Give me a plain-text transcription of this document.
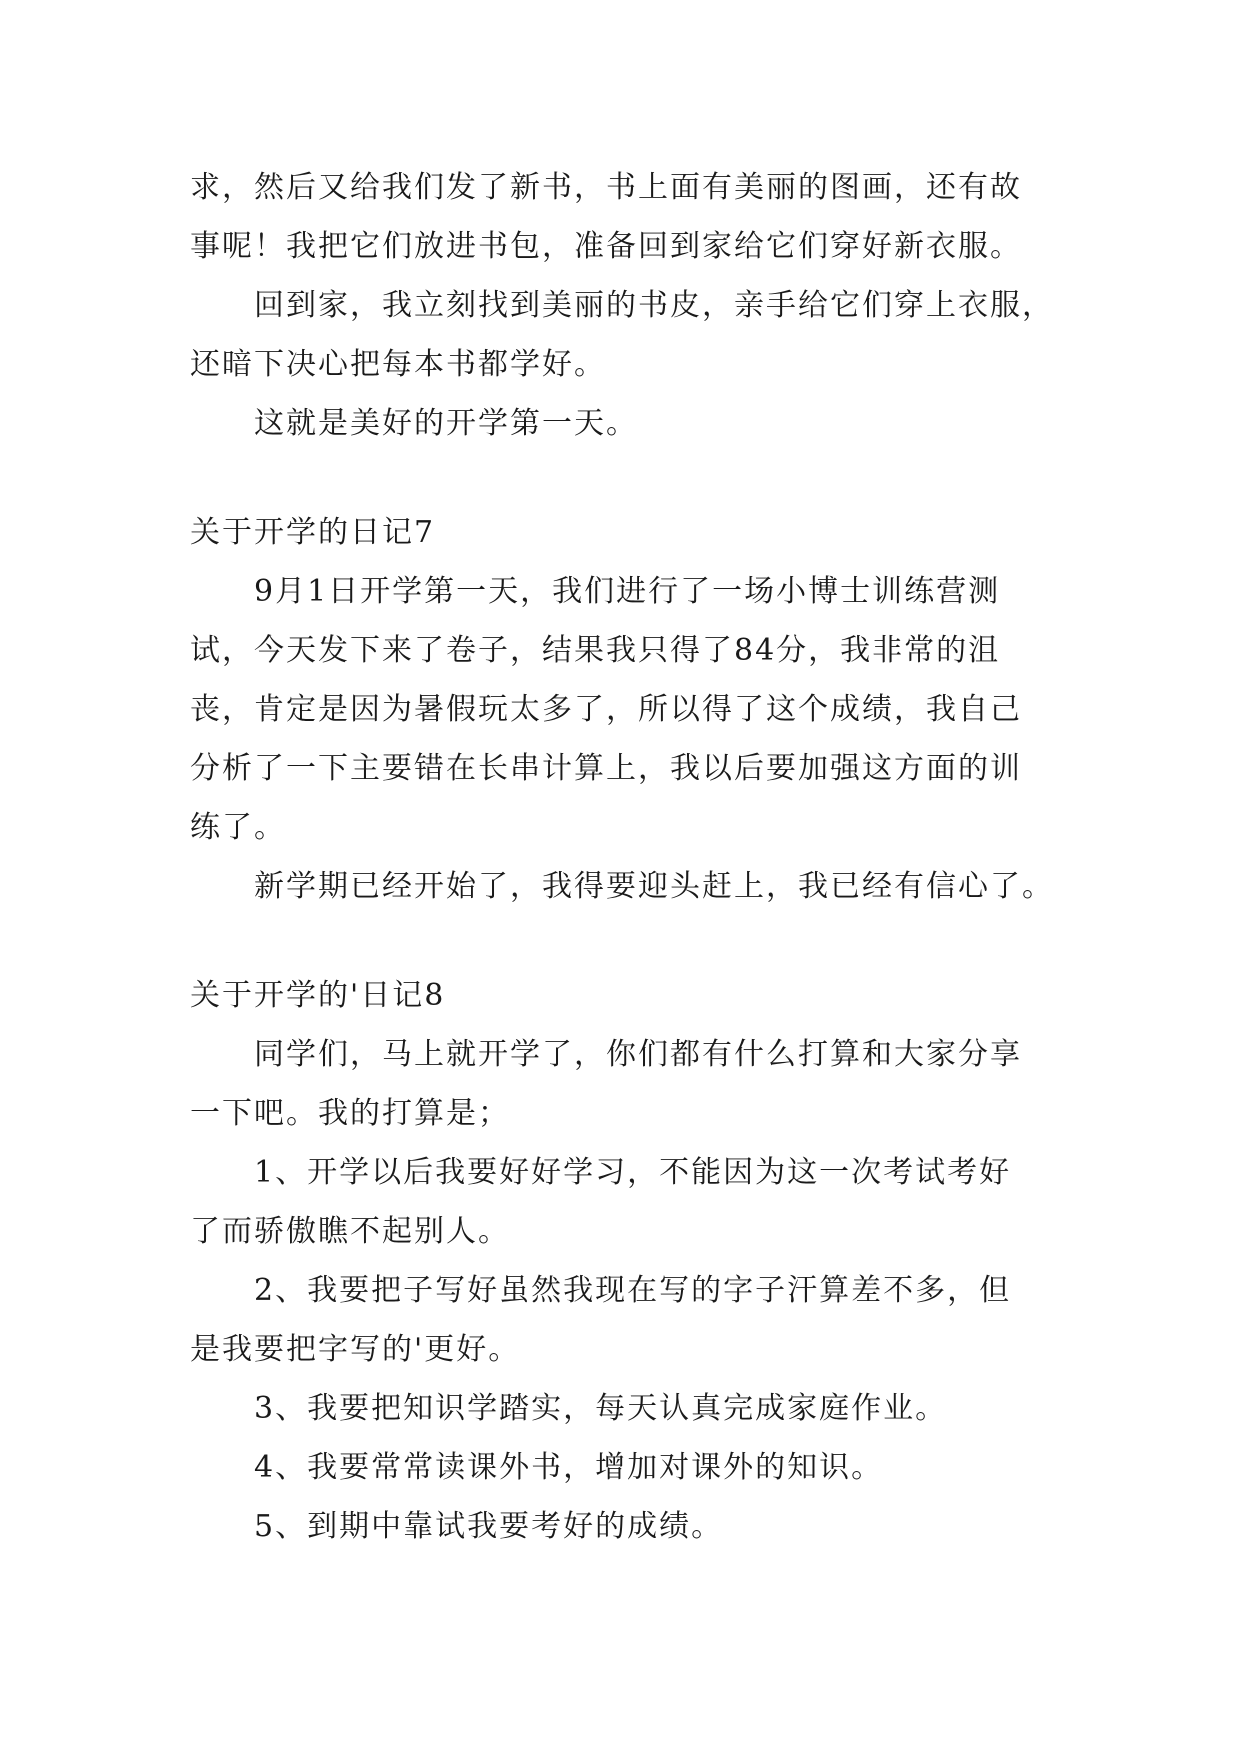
求，然后又给我们发了新书，书上面有美丽的图画，还有故
事呢！我把它们放进书包，准备回到家给它们穿好新衣服。
回到家，我立刻找到美丽的书皮，亲手给它们穿上衣服，
还暗下决心把每本书都学好。
这就是美好的开学第一天。
关于开学的日记7
9月1日开学第一天，我们进行了一场小博士训练营测
试，今天发下来了卷子，结果我只得了84分，我非常的沮
丧，肯定是因为暑假玩太多了，所以得了这个成绩，我自己
分析了一下主要错在长串计算上，我以后要加强这方面的训
练了。
新学期已经开始了，我得要迎头赶上，我已经有信心了。
关于开学的'日记8
同学们，马上就开学了，你们都有什么打算和大家分享
一下吧。我的打算是；
1、开学以后我要好好学习，不能因为这一次考试考好
了而骄傲瞧不起别人。
2、我要把子写好虽然我现在写的字子汗算差不多，但
是我要把字写的'更好。
3、我要把知识学踏实，每天认真完成家庭作业。
4、我要常常读课外书，增加对课外的知识。
5、到期中靠试我要考好的成绩。
